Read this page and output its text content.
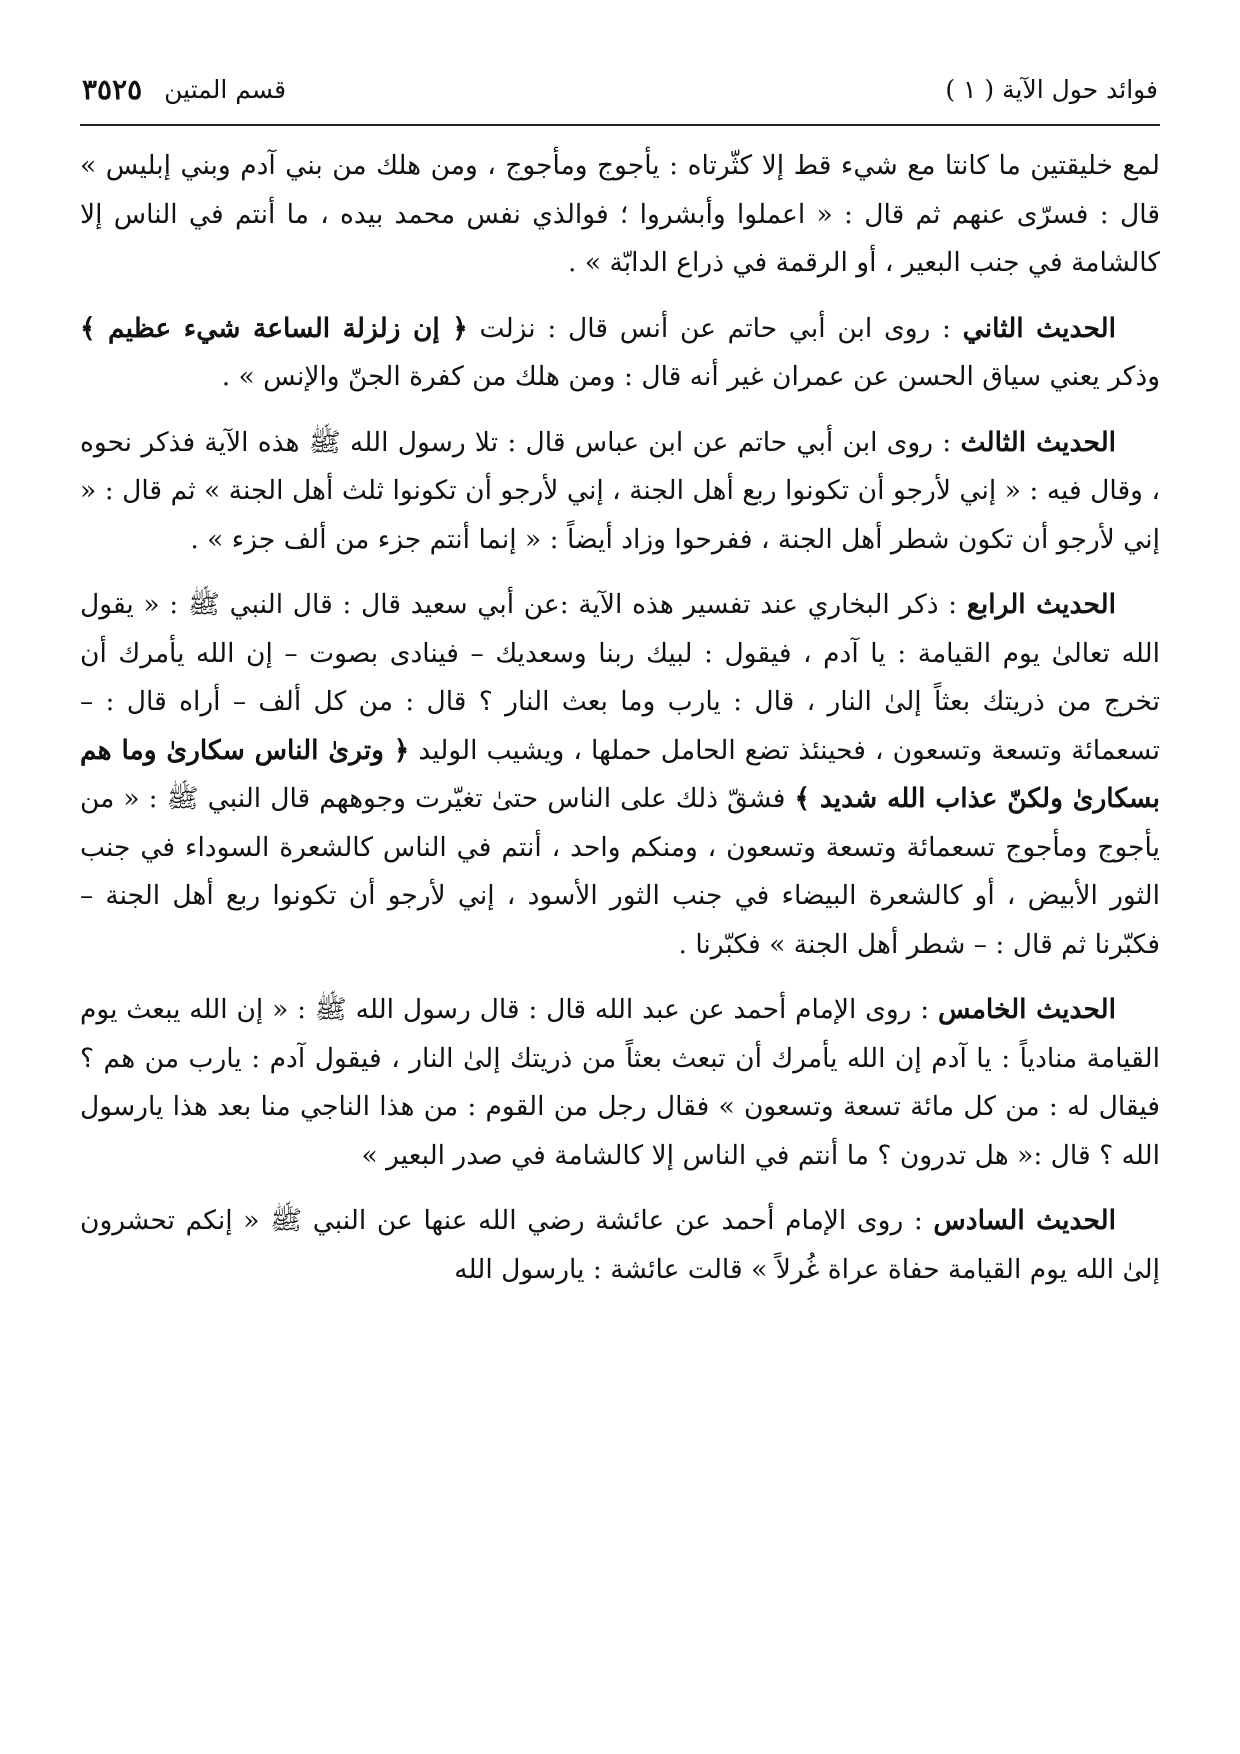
فوائد حول الآية ( ١ )
قسم المتين
٣٥٢٥

لمع خليقتين ما كانتا مع شيء قط إلا كثّرتاه : يأجوج ومأجوج ، ومن هلك من بني آدم وبني إبليس » قال : فسرّى عنهم ثم قال : « اعملوا وأبشروا ؛ فوالذي نفس محمد بيده ، ما أنتم في الناس إلا كالشامة في جنب البعير ، أو الرقمة في ذراع الدابّة » .

الحديث الثاني : روى ابن أبي حاتم عن أنس قال : نزلت ﴿ إن زلزلة الساعة شيء عظيم ﴾ وذكر يعني سياق الحسن عن عمران غير أنه قال : ومن هلك من كفرة الجنّ والإنس » .

الحديث الثالث : روى ابن أبي حاتم عن ابن عباس قال : تلا رسول الله ﷺ هذه الآية فذكر نحوه ، وقال فيه : « إني لأرجو أن تكونوا ربع أهل الجنة ، إني لأرجو أن تكونوا ثلث أهل الجنة » ثم قال : « إني لأرجو أن تكون شطر أهل الجنة ، ففرحوا وزاد أيضاً : « إنما أنتم جزء من ألف جزء » .

الحديث الرابع : ذكر البخاري عند تفسير هذه الآية :عن أبي سعيد قال : قال النبي ﷺ : « يقول الله تعالىٰ يوم القيامة : يا آدم ، فيقول : لبيك ربنا وسعديك – فينادى بصوت – إن الله يأمرك أن تخرج من ذريتك بعثاً إلىٰ النار ، قال : يارب وما بعث النار ؟ قال : من كل ألف – أراه قال : – تسعمائة وتسعة وتسعون ، فحينئذ تضع الحامل حملها ، ويشيب الوليد ﴿ وترىٰ الناس سكارىٰ وما هم بسكارىٰ ولكنّ عذاب الله شديد ﴾ فشقّ ذلك على الناس حتىٰ تغيّرت وجوههم قال النبي ﷺ : « من يأجوج ومأجوج تسعمائة وتسعة وتسعون ، ومنكم واحد ، أنتم في الناس كالشعرة السوداء في جنب الثور الأبيض ، أو كالشعرة البيضاء في جنب الثور الأسود ، إني لأرجو أن تكونوا ربع أهل الجنة – فكبّرنا ثم قال : – شطر أهل الجنة » فكبّرنا .

الحديث الخامس : روى الإمام أحمد عن عبد الله قال : قال رسول الله ﷺ : « إن الله يبعث يوم القيامة منادياً : يا آدم إن الله يأمرك أن تبعث بعثاً من ذريتك إلىٰ النار ، فيقول آدم : يارب من هم ؟ فيقال له : من كل مائة تسعة وتسعون » فقال رجل من القوم : من هذا الناجي منا بعد هذا يارسول الله ؟ قال :« هل تدرون ؟ ما أنتم في الناس إلا كالشامة في صدر البعير »

الحديث السادس : روى الإمام أحمد عن عائشة رضي الله عنها عن النبي ﷺ « إنكم تحشرون إلىٰ الله يوم القيامة حفاة عراة غُرلاً » قالت عائشة : يارسول الله
